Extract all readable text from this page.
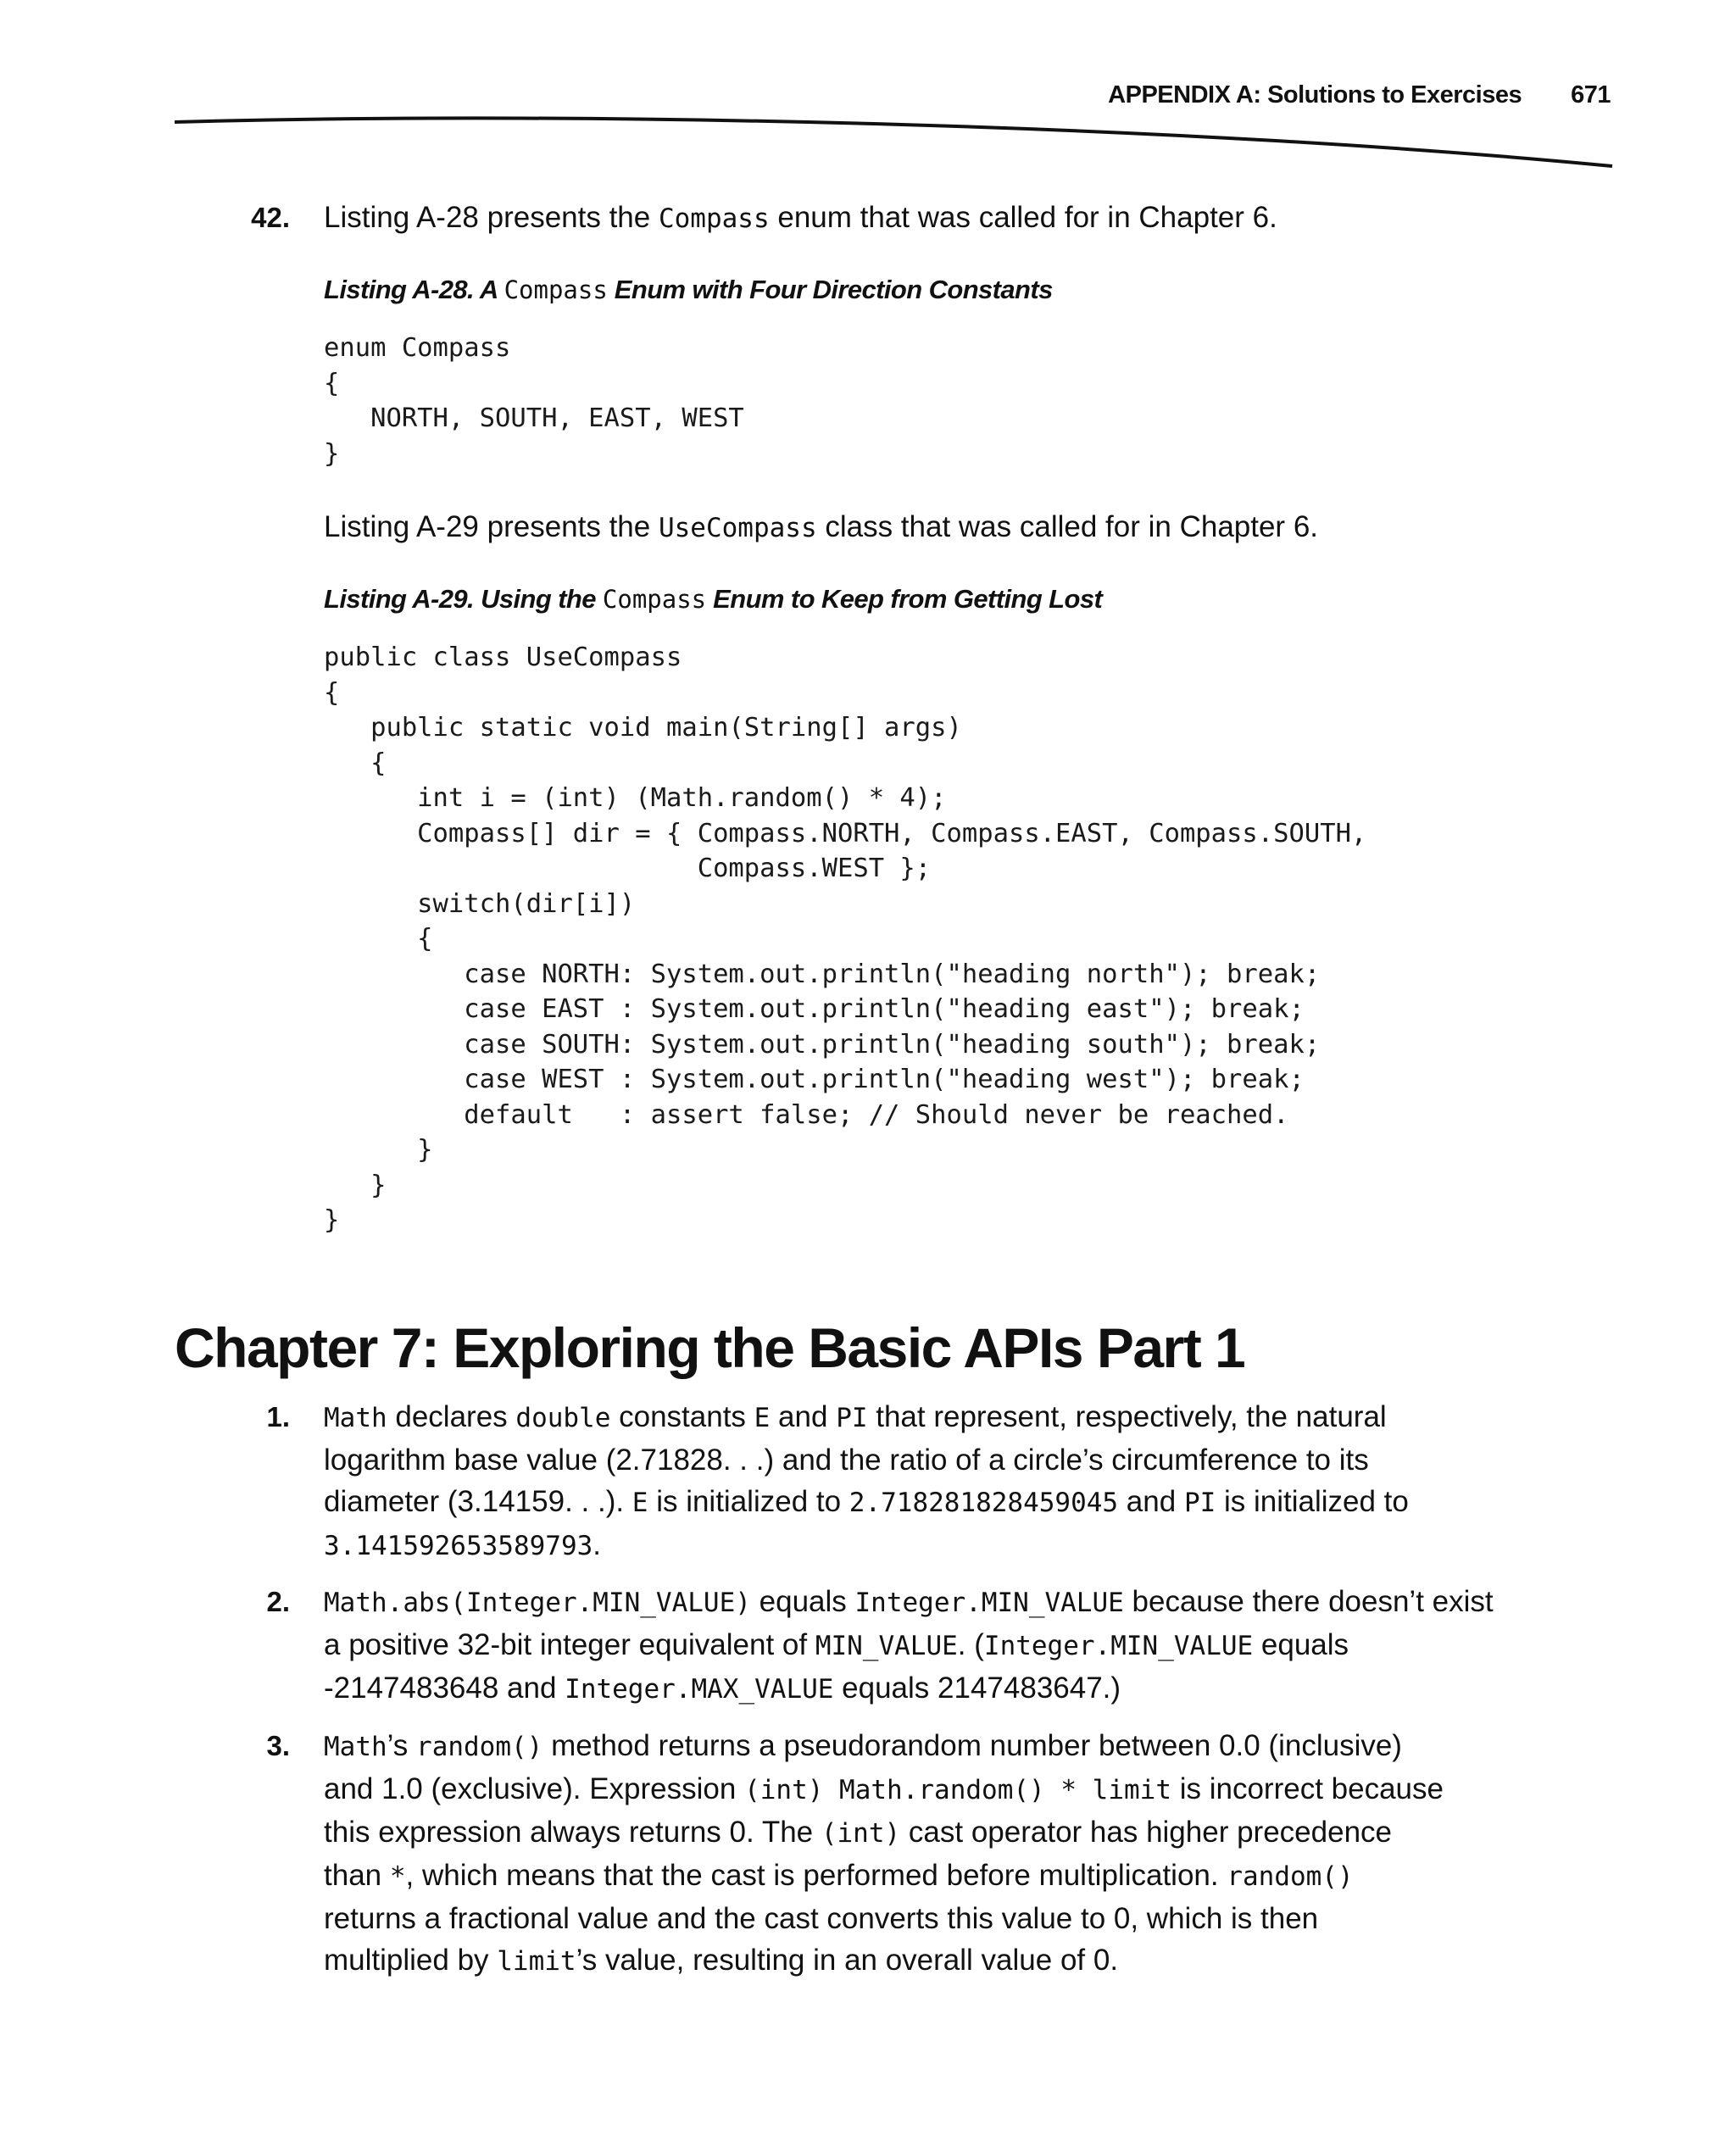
APPENDIX A: Solutions to Exercises 671
42. Listing A-28 presents the Compass enum that was called for in Chapter 6.

Listing A-28. A Compass Enum with Four Direction Constants
enum Compass
{
NORTH, SOUTH, EAST, WEST
}

Listing A-29 presents the UseCompass class that was called for in Chapter 6.

Listing A-29. Using the Compass Enum to Keep from Getting Lost
public class UseCompass
{
public static void main(String[] args)
{
int i = (int) (Math.random() * 4);
Compass[] dir = { Compass.NORTH, Compass.EAST, Compass.SOUTH,
Compass.WEST };
switch(dir[i])
{
case NORTH: System.out.println("heading north"); break;
case EAST : System.out.println("heading east"); break;
case SOUTH: System.out.println("heading south"); break;
case WEST : System.out.println("heading west"); break;
default   : assert false; // Should never be reached.
}
}
}
Chapter 7: Exploring the Basic APIs Part 1
1. Math declares double constants E and PI that represent, respectively, the natural logarithm base value (2.71828. . .) and the ratio of a circle’s circumference to its diameter (3.14159. . .). E is initialized to 2.718281828459045 and PI is initialized to 3.141592653589793.

2. Math.abs(Integer.MIN_VALUE) equals Integer.MIN_VALUE because there doesn’t exist a positive 32-bit integer equivalent of MIN_VALUE. (Integer.MIN_VALUE equals -2147483648 and Integer.MAX_VALUE equals 2147483647.)

3. Math’s random() method returns a pseudorandom number between 0.0 (inclusive) and 1.0 (exclusive). Expression (int) Math.random() * limit is incorrect because this expression always returns 0. The (int) cast operator has higher precedence than *, which means that the cast is performed before multiplication. random() returns a fractional value and the cast converts this value to 0, which is then multiplied by limit’s value, resulting in an overall value of 0.
